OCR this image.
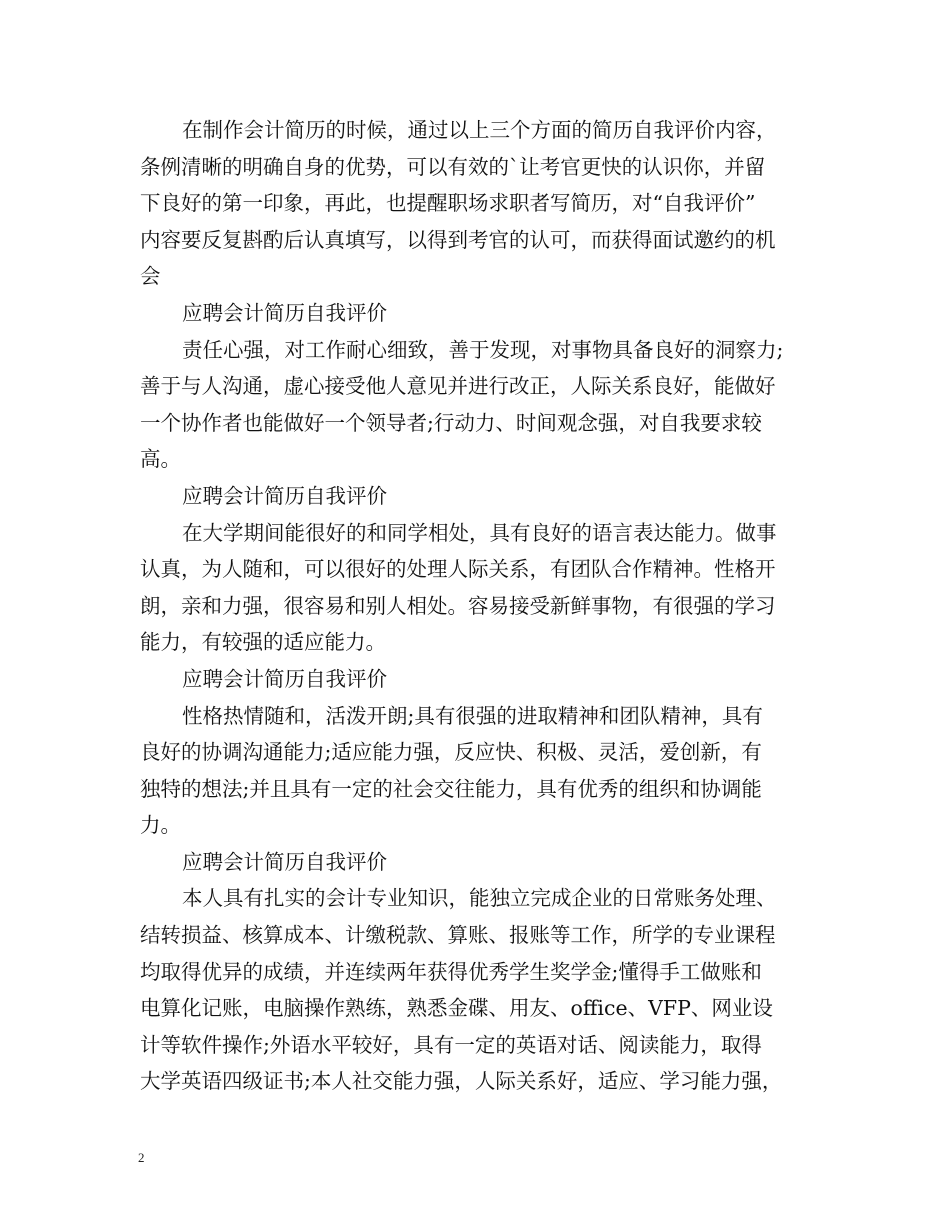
在制作会计简历的时候，通过以上三个方面的简历自我评价内容，
条例清晰的明确自身的优势，可以有效的`让考官更快的认识你，并留
下良好的第一印象，再此，也提醒职场求职者写简历，对“自我评价”
内容要反复斟酌后认真填写，以得到考官的认可，而获得面试邀约的机
会
应聘会计简历自我评价
责任心强，对工作耐心细致，善于发现，对事物具备良好的洞察力;
善于与人沟通，虚心接受他人意见并进行改正，人际关系良好，能做好
一个协作者也能做好一个领导者;行动力、时间观念强，对自我要求较
高。
应聘会计简历自我评价
在大学期间能很好的和同学相处，具有良好的语言表达能力。做事
认真，为人随和，可以很好的处理人际关系，有团队合作精神。性格开
朗，亲和力强，很容易和别人相处。容易接受新鲜事物，有很强的学习
能力，有较强的适应能力。
应聘会计简历自我评价
性格热情随和，活泼开朗;具有很强的进取精神和团队精神，具有
良好的协调沟通能力;适应能力强，反应快、积极、灵活，爱创新，有
独特的想法;并且具有一定的社会交往能力，具有优秀的组织和协调能
力。
应聘会计简历自我评价
本人具有扎实的会计专业知识，能独立完成企业的日常账务处理、
结转损益、核算成本、计缴税款、算账、报账等工作，所学的专业课程
均取得优异的成绩，并连续两年获得优秀学生奖学金;懂得手工做账和
电算化记账，电脑操作熟练，熟悉金碟、用友、office、VFP、网业设
计等软件操作;外语水平较好，具有一定的英语对话、阅读能力，取得
大学英语四级证书;本人社交能力强，人际关系好，适应、学习能力强，
2
